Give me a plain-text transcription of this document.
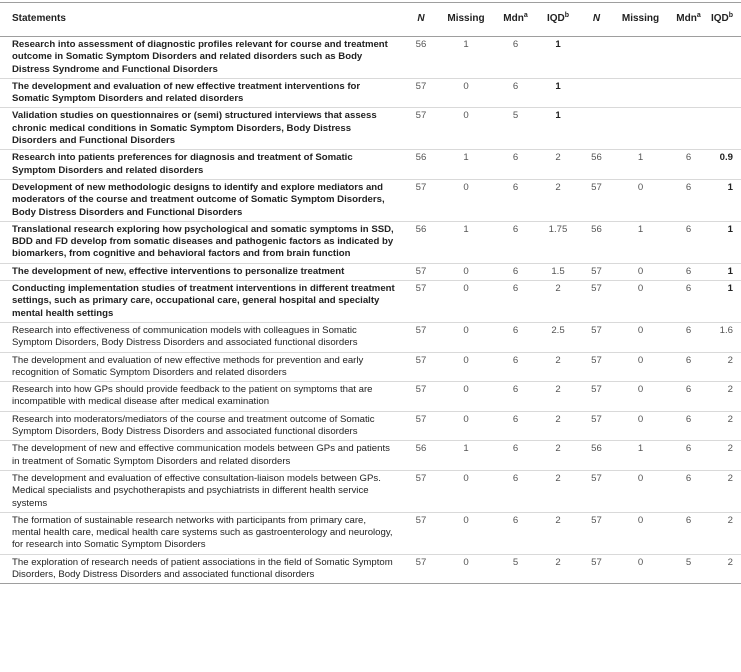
Statements	N	Missing	Mdn$^a$	IQD$^b$	N	Missing	Mdn$^a$	IQD$^b$
Research into assessment of diagnostic profiles relevant for course and treatment outcome in Somatic Symptom Disorders and related disorders such as Body Distress Syndrome and Functional Disorders	56	1	6	1				
The development and evaluation of new effective treatment interventions for Somatic Symptom Disorders and related disorders	57	0	6	1				
Validation studies on questionnaires or (semi) structured interviews that assess chronic medical conditions in Somatic Symptom Disorders, Body Distress Disorders and Functional Disorders	57	0	5	1				
Research into patients preferences for diagnosis and treatment of Somatic Symptom Disorders and related disorders	56	1	6	2	56	1	6	0.9
Development of new methodologic designs to identify and explore mediators and moderators of the course and treatment outcome of Somatic Symptom Disorders, Body Distress Disorders and Functional Disorders	57	0	6	2	57	0	6	1
Translational research exploring how psychological and somatic symptoms in SSD, BDD and FD develop from somatic diseases and pathogenic factors as indicated by biomarkers, from cognitive and behavioral factors and from brain function	56	1	6	1.75	56	1	6	1
The development of new, effective interventions to personalize treatment	57	0	6	1.5	57	0	6	1
Conducting implementation studies of treatment interventions in different treatment settings, such as primary care, occupational care, general hospital and specialty mental health settings	57	0	6	2	57	0	6	1
Research into effectiveness of communication models with colleagues in Somatic Symptom Disorders, Body Distress Disorders and associated functional disorders	57	0	6	2.5	57	0	6	1.6
The development and evaluation of new effective methods for prevention and early recognition of Somatic Symptom Disorders and related disorders	57	0	6	2	57	0	6	2
Research into how GPs should provide feedback to the patient on symptoms that are incompatible with medical disease after medical examination	57	0	6	2	57	0	6	2
Research into moderators/mediators of the course and treatment outcome of Somatic Symptom Disorders, Body Distress Disorders and associated functional disorders	57	0	6	2	57	0	6	2
The development of new and effective communication models between GPs and patients in treatment of Somatic Symptom Disorders and related disorders	56	1	6	2	56	1	6	2
The development and evaluation of effective consultation-liaison models between GPs. Medical specialists and psychotherapists and psychiatrists in different health service systems	57	0	6	2	57	0	6	2
The formation of sustainable research networks with participants from primary care, mental health care, medical health care systems such as gastroenterology and neurology, for research into Somatic Symptom Disorders	57	0	6	2	57	0	6	2
The exploration of research needs of patient associations in the field of Somatic Symptom Disorders, Body Distress Disorders and associated functional disorders	57	0	5	2	57	0	5	2
